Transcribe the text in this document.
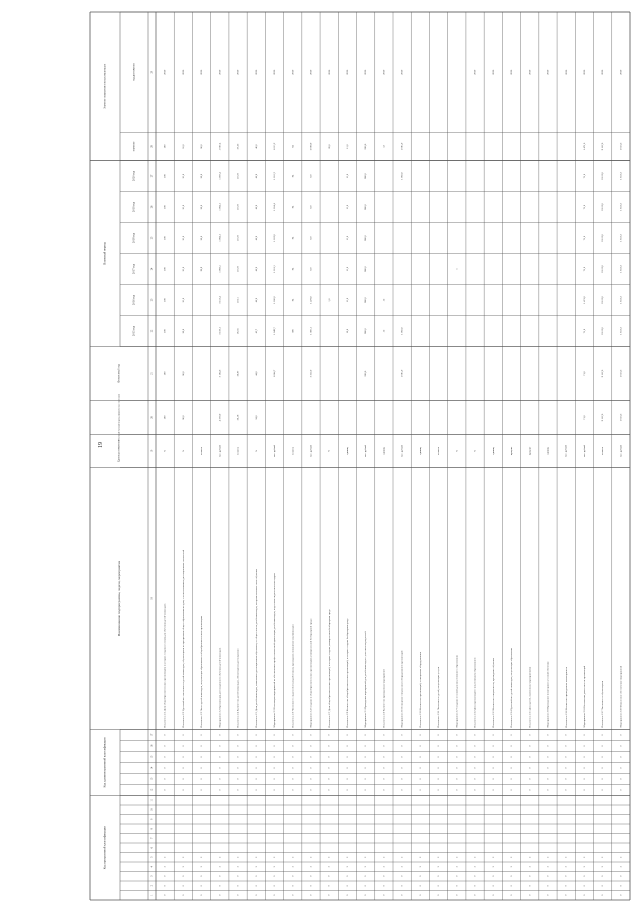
19
Код программной классификации
Код административной классификации
Наименование подпрограммы, задачи, мероприятия
Единица измерения
Отчетный базовый период (фактическое значение)
Финансовый год
Плановый период
Значение показателя в конце реализации
значение
год достижения
2015 год
2016 год
2017 год
2018 год
2019 год
2020 год
1
2
3
4
5
6
7
8
9
10
11
12
13
14
15
16
17
18
19
20
21
22
23
24
25
26
27
28
29
0
0
0
2
2
0
0
0
0
0
0
Показатель 2.1 Доля общеобразовательных организаций, в которых созданы условия для обучения детей-инвалидов
%
100
100
100
100
100
100
100
100
100
2020
0
0
0
2
2
0
0
0
0
0
0
Показатель 2.2 Удельный вес численности детей-инвалидов, обучающихся по программам общего образования на дому с использованием дистанционных технологий
%
90,0
90,0
90,0
95,0
95,0
95,0
95,0
95,0
95,0
2020
0
0
0
2
2
0
0
0
0
0
0
Показатель 2.3 Число детей-инвалидов, получающих образование в общеобразовательных организациях
человек
89,8
90,0
90,0
90,0
90,0
2020
0
0
0
2
2
0
0
0
0
0
0
Мероприятие 2.2 Организация дистанционного обучения детей-инвалидов
тыс. рублей
4 370,9
3 104,6
3 118,1
3 113,4
5 083,5
5 084,1
5 084,1
5 097,4
5 097,4
2020
0
0
0
2
2
0
0
0
0
0
0
Показатель 2.4 Количество детей-инвалидов, обучающихся дистанционно
человек
26,58
26,87
26,95
27,15
27,23
27,23
27,23
27,23
27,23
2020
0
0
0
2
2
0
0
0
0
0
0
Показатель 2.5 Доля детей-инвалидов, охваченных дистанционным обучением, от общего числа детей-инвалидов, которым показано такое обучение
%
34,0
44,0
43,7
46,0
46,0
46,0
46,0
46,0
46,0
2020
0
0
0
2
2
0
0
0
0
0
0
Мероприятие 2.3 Реализация мероприятий по обеспечению профессиональной ориентации детей-инвалидов, подготовке педагогических кадров
тыс. рублей
1 044,7
1 048,7
1 050,0
1 051,5
1 052,0
1 054,4
1 055,2
1 055,2
2020
0
0
0
2
2
0
0
0
0
0
0
Показатель 2.6 Численность педагогических работников, прошедших повышение квалификации
человек
306
84
84
84
84
84
84
2020
0
0
0
2
2
0
0
0
0
0
0
Мероприятие 2.4 Создание в общеобразовательных организациях универсальной безбарьерной среды
тыс. рублей
3 212,9
1 366,1
1 479,0
0,0
0,0
0,0
0,0
2 000,0
2020
0
0
0
2
2
0
0
0
0
0
0
Показатель 2.7 Доля общеобразовательных организаций, в которых создана универсальная безбарьерная среда
%
5,0
20,0
2020
0
0
0
2
2
0
0
0
0
0
0
Показатель 2.8 Количество общеобразовательных организаций, в которых создана безбарьерная среда
единиц
10,0
15,0
15,0
15,0
15,0
15,0
15,0
2020
0
0
0
2
2
0
0
0
0
0
0
Мероприятие 2.5 Проведение мероприятий для детей-инвалидов с участием их родителей
тыс. рублей
800,0
800,0
800,0
800,0
800,0
800,0
800,0
800,0
2020
0
0
0
2
2
0
0
0
0
0
0
Показатель 2.9 Количество проведенных мероприятий
единиц
52
52
52
2020
0
0
0
2
2
0
0
0
0
0
0
Мероприятие 2.6 Оснащение специальным оборудованием организаций
тыс. рублей
1 085,0
1 085,0
1 085,0
1 085,0
2020
0
0
0
2
2
0
0
0
0
0
0
Показатель 2.10 Количество организаций, оснащенных оборудованием
единиц
0
0
0
2
2
0
0
0
0
0
0
Показатель 2.11 Численность детей, получающих услуги
человек
0
0
0
2
2
0
0
0
0
0
0
Мероприятие 2.7 Создание условий для инклюзивного образования
%
1
0
0
0
2
2
0
0
0
0
0
0
Показатель 2.12 Доля организаций с инклюзивным образованием
%
2020
0
0
0
2
2
0
0
0
0
0
0
Показатель 2.13 Количество специалистов, прошедших обучение
единиц
2020
0
0
0
2
2
0
0
0
0
0
0
Показатель 2.14 Удельный вес детей-инвалидов, получающих образование
процент
2020
0
0
0
2
2
0
0
0
0
0
0
Показатель 2.15 Доля детей, охваченных мероприятиями
процент
2020
0
0
0
2
2
0
0
0
0
0
0
Мероприятие 2.8 Проведение мониторинга условий обучения
единиц
2020
0
0
0
2
2
0
0
0
0
0
0
Показатель 2.16 Количество проведенных мониторингов
тыс. рублей
2020
0
0
0
2
2
0
0
0
0
0
0
Мероприятие 2.9 Обеспечение деятельности организаций
тыс. рублей
71,0
71,0
71,0
1 471,0
71,0
71,0
71,0
71,0
1 471,0
2020
0
0
0
2
2
0
0
0
0
0
0
Показатель 2.17 Численность обучающихся
человек
8 112,0
8 112,0
8 112,0
8 112,0
8 112,0
8 112,0
8 112,0
8 112,0
8 112,0
2020
0
0
0
2
2
0
0
0
0
0
0
Мероприятие 2.10 Финансовое обеспечение мероприятий
тыс. рублей
1 613,3
1 613,3
1 613,3
1 613,3
1 613,3
1 613,3
1 613,3
1 613,3
1 613,3
2020
